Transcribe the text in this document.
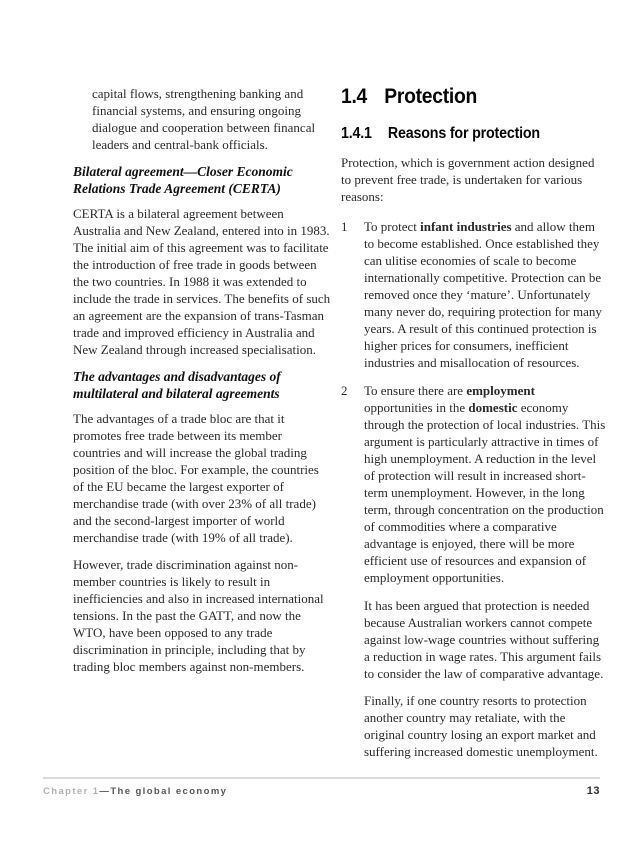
capital flows, strengthening banking and financial systems, and ensuring ongoing dialogue and cooperation between financal leaders and central-bank officials.

Bilateral agreement—Closer Economic Relations Trade Agreement (CERTA)

CERTA is a bilateral agreement between Australia and New Zealand, entered into in 1983. The initial aim of this agreement was to facilitate the introduction of free trade in goods between the two countries. In 1988 it was extended to include the trade in services. The benefits of such an agreement are the expansion of trans-Tasman trade and improved efficiency in Australia and New Zealand through increased specialisation.

The advantages and disadvantages of multilateral and bilateral agreements

The advantages of a trade bloc are that it promotes free trade between its member countries and will increase the global trading position of the bloc. For example, the countries of the EU became the largest exporter of merchandise trade (with over 23% of all trade) and the second-largest importer of world merchandise trade (with 19% of all trade).

However, trade discrimination against non-member countries is likely to result in inefficiencies and also in increased international tensions. In the past the GATT, and now the WTO, have been opposed to any trade discrimination in principle, including that by trading bloc members against non-members.

1.4 Protection
1.4.1 Reasons for protection

Protection, which is government action designed to prevent free trade, is undertaken for various reasons:

1	To protect infant industries and allow them to become established. Once established they can ulitise economies of scale to become internationally competitive. Protection can be removed once they ‘mature’. Unfortunately many never do, requiring protection for many years. A result of this continued protection is higher prices for consumers, inefficient industries and misallocation of resources.

2	To ensure there are employment opportunities in the domestic economy through the protection of local industries. This argument is particularly attractive in times of high unemployment. A reduction in the level of protection will result in increased short-term unemployment. However, in the long term, through concentration on the production of commodities where a comparative advantage is enjoyed, there will be more efficient use of resources and expansion of employment opportunities.

It has been argued that protection is needed because Australian workers cannot compete against low-wage countries without suffering a reduction in wage rates. This argument fails to consider the law of comparative advantage.

Finally, if one country resorts to protection another country may retaliate, with the original country losing an export market and suffering increased domestic unemployment.

Chapter 1—The global economy	13
